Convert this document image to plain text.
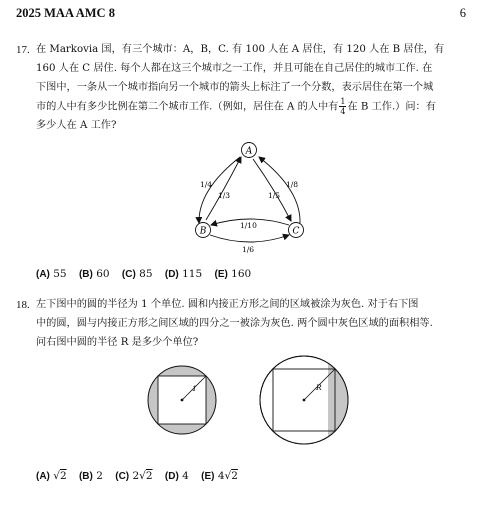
2025 MAA AMC 8	6
17. 在 Markovia 国，有三个城市：A，B，C. 有 100 人在 A 居住，有 120 人在 B 居住，有
160 人在 C 居住. 每个人都在这三个城市之一工作，并且可能在自己居住的城市工作. 在
下图中，一条从一个城市指向另一个城市的箭头上标注了一个分数，表示居住在第一个城
市的人中有多少比例在第二个城市工作.（例如，居住在 A 的人中有 $\frac{1}{4}$ 在 B 工作.）问：有
多少人在 A 工作?
A
B	C
1/4
1/3
1/8
1/5
1/10
1/6
(A) 55 (B) 60 (C) 85 (D) 115 (E) 160
18. 左下图中的圆的半径为 1 个单位. 圆和内接正方形之间的区域被涂为灰色. 对于右下图
中的圆，圆与内接正方形之间区域的四分之一被涂为灰色. 两个圆中灰色区域的面积相等.
问右图中圆的半径 R 是多少个单位?
1	R
(A) √2 (B) 2 (C) 2√2 (D) 4 (E) 4√2
